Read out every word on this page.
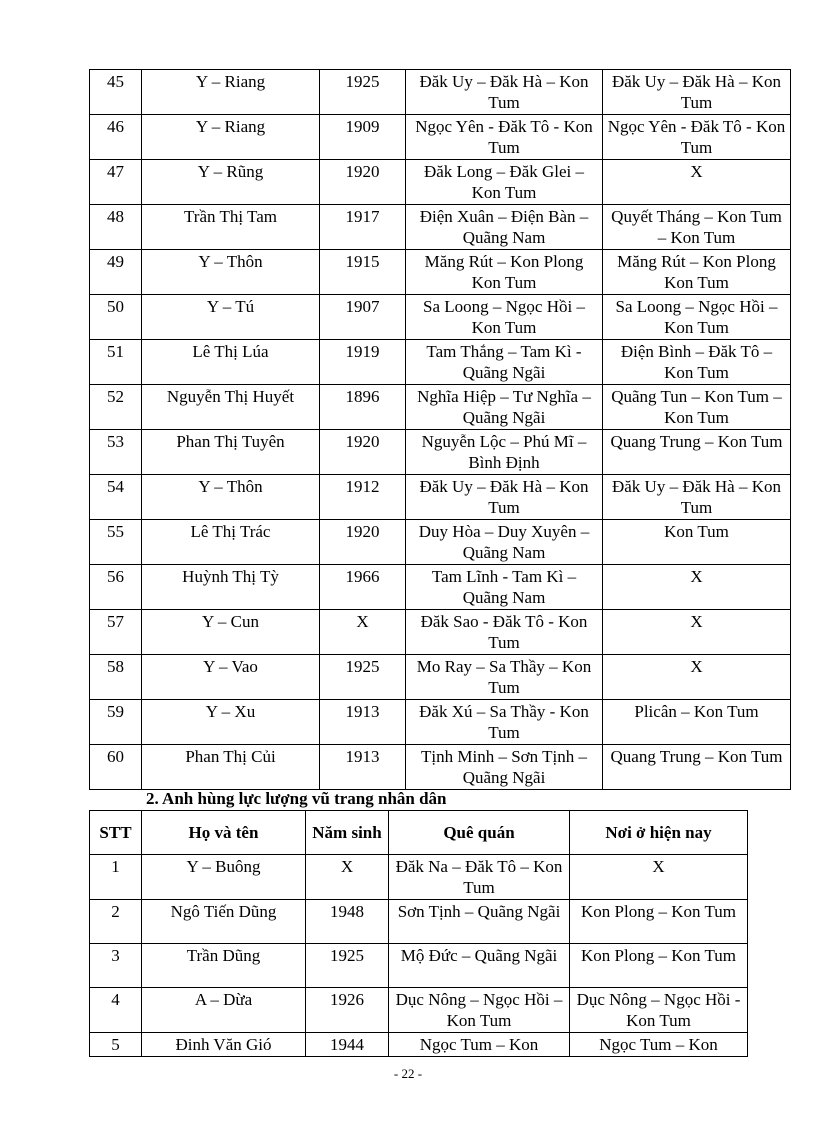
45	Y – Riang	1925	Đăk Uy – Đăk Hà – Kon Tum	Đăk Uy – Đăk Hà – Kon Tum
46	Y – Riang	1909	Ngọc Yên - Đăk Tô - Kon Tum	Ngọc Yên - Đăk Tô - Kon Tum
47	Y – Rũng	1920	Đăk Long – Đăk Glei – Kon Tum	X
48	Trần Thị Tam	1917	Điện Xuân – Điện Bàn – Quãng Nam	Quyết Tháng – Kon Tum – Kon Tum
49	Y – Thôn	1915	Măng Rút – Kon Plong Kon Tum	Măng Rút – Kon Plong Kon Tum
50	Y – Tú	1907	Sa Loong – Ngọc Hồi – Kon Tum	Sa Loong – Ngọc Hồi – Kon Tum
51	Lê Thị Lúa	1919	Tam Thắng – Tam Kì - Quãng Ngãi	Điện Bình – Đăk Tô – Kon Tum
52	Nguyễn Thị Huyết	1896	Nghĩa Hiệp – Tư Nghĩa – Quãng Ngãi	Quãng Tun – Kon Tum – Kon Tum
53	Phan Thị Tuyên	1920	Nguyễn Lộc – Phú Mĩ – Bình Định	Quang Trung – Kon Tum
54	Y – Thôn	1912	Đăk Uy – Đăk Hà – Kon Tum	Đăk Uy – Đăk Hà – Kon Tum
55	Lê Thị Trác	1920	Duy Hòa – Duy Xuyên – Quãng Nam	Kon Tum
56	Huỳnh Thị Tỳ	1966	Tam Lĩnh - Tam Kì – Quãng Nam	X
57	Y – Cun	X	Đăk Sao - Đăk Tô - Kon Tum	X
58	Y – Vao	1925	Mo Ray – Sa Thầy – Kon Tum	X
59	Y – Xu	1913	Đăk Xú – Sa Thầy - Kon Tum	Plicân – Kon Tum
60	Phan Thị Củi	1913	Tịnh Minh – Sơn Tịnh – Quãng Ngãi	Quang Trung – Kon Tum
2. Anh hùng lực lượng vũ trang nhân dân
STT	Họ và tên	Năm sinh	Quê quán	Nơi ở hiện nay
1	Y – Buông	X	Đăk Na – Đăk Tô – Kon Tum	X
2	Ngô Tiến Dũng	1948	Sơn Tịnh – Quãng Ngãi	Kon Plong – Kon Tum
3	Trần Dũng	1925	Mộ Đức – Quãng Ngãi	Kon Plong – Kon Tum
4	A – Dừa	1926	Dục Nông – Ngọc Hồi – Kon Tum	Dục Nông – Ngọc Hồi - Kon Tum
5	Đinh Văn Gió	1944	Ngọc Tum – Kon	Ngọc Tum – Kon
- 22 -
